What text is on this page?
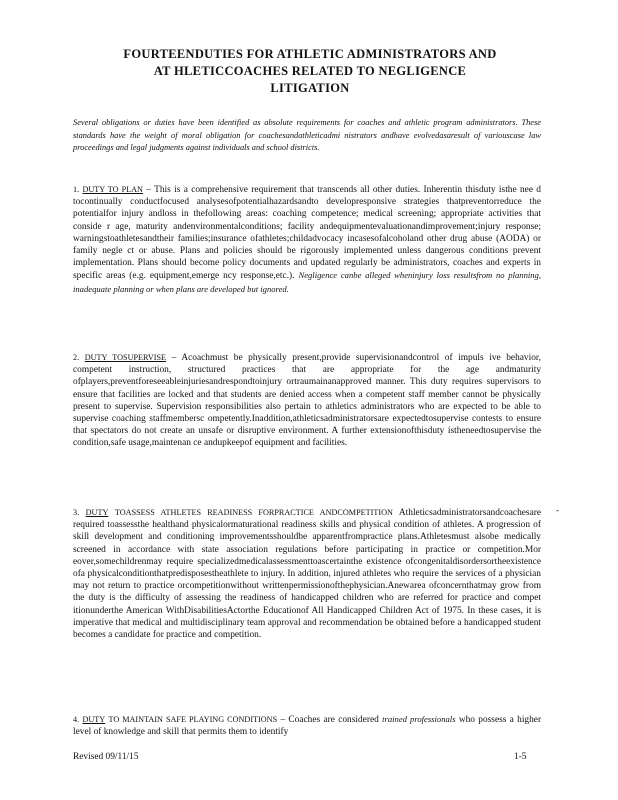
FOURTEENDUTIES FOR ATHLETIC ADMINISTRATORS AND
AT HLETICCOACHES RELATED TO NEGLIGENCE
LITIGATION
Several obligations or duties have been identified as absolute requirements for coaches and athletic program administrators. These standards have the weight of moral obligation for coachesandathleticadmi nistrators andhave evolvedasaresult of variouscase law proceedings and legal judgments against individuals and school districts.

1. DUTY TO PLAN – This is a comprehensive requirement that transcends all other duties. Inherentin thisduty isthe nee d tocontinually conductfocused analysesofpotentialhazardsandto developresponsive strategies thatpreventorreduce the potentialfor injury andloss in thefollowing areas: coaching competence; medical screening; appropriate activities that conside r age, maturity andenvironmentalconditions; facility andequipmentevaluationandimprovement;injury response; warningstoathletesandtheir families;insurance ofathletes;childadvocacy incasesofalcoholand other drug abuse (AODA) or family negle ct or abuse. Plans and policies should be rigorously implemented unless dangerous conditions prevent implementation. Plans should become policy documents and updated regularly be administrators, coaches and experts in specific areas (e.g. equipment,emerge ncy response,etc.). Negligence canbe alleged wheninjury loss resultsfrom no planning, inadequate planning or when plans are developed but ignored.

2. DUTY TOSUPERVISE – Acoachmust be physically present,provide supervisionandcontrol of impuls ive behavior, competent instruction, structured practices that are appropriate for the age andmaturity ofplayers,preventforeseeableinjuriesandrespondtoinjury ortraumainanapproved manner. This duty requires supervisors to ensure that facilities are locked and that students are denied access when a competent staff member cannot be physically present to supervise. Supervision responsibilities also pertain to athletics administrators who are expected to be able to supervise coaching staffmembersc ompetently.Inaddition,athleticsadministratorsare expectedtosupervise contests to ensure that spectators do not create an unsafe or disruptive environment. A further extensionofthisduty istheneedtosupervise the condition,safe usage,maintenan ce andupkeepof equipment and facilities.

3. DUTY TOASSESS ATHLETES READINESS FORPRACTICE ANDCOMPETITION Athleticsadministratorsandcoachesare required toassessthe healthand physicalormaturational readiness skills and physical condition of athletes. A progression of skill development and conditioning improvementsshouldbe apparentfrompractice plans.Athletesmust alsobe medically screened in accordance with state association regulations before participating in practice or competition.Mor eover,somechildrenmay require specializedmedicalassessmenttoascertainthe existence ofcongenitaldisordersortheexistence ofa physicalconditionthatpredisposestheathlete to injury. In addition, injured athletes who require the services of a physician may not return to practice orcompetitionwithout writtenpermissionofthephysician.Anewarea ofconcernthatmay grow from the duty is the difficulty of assessing the readiness of handicapped children who are referred for practice and compet itionunderthe American WithDisabilitiesActorthe Educationof All Handicapped Children Act of 1975. In these cases, it is imperative that medical and multidisciplinary team approval and recommendation be obtained before a handicapped student becomes a candidate for practice and competition.

-

4. DUTY TO MAINTAIN SAFE PLAYING CONDITIONS – Coaches are considered trained professionals who possess a higher level of knowledge and skill that permits them to identify

Revised 09/11/15	1-5
